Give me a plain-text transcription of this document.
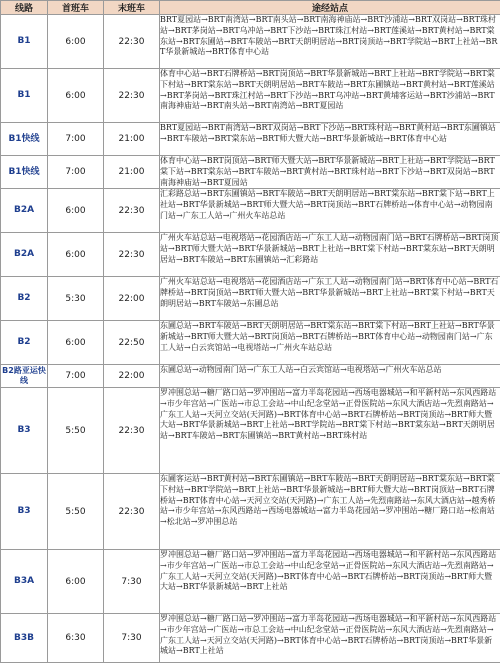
线路	首班车	末班车	途经站点
B1	6:00	22:30	BRT夏园站→BRT南湾站→BRT南头站→BRT南海神庙站→BRT沙浦站→BRT双岗站→BRT珠村站→BRT茅岗站→BRT乌冲站→BRT下沙站→BRT珠江村站→BRT莲溪站→BRT黄村站→BRT棠东站→BRT东圃站→BRT车陂站→BRT天朗明居站→BRT岗顶站→BRT学院站→BRT上社站→BRT华景新城站→BRT体育中心站

B1	6:00	22:30	体育中心站→BRT石牌桥站→BRT岗顶站→BRT华景新城站→BRT上社站→BRT学院站→BRT棠下村站→BRT棠东站→BRT天朗明居站→BRT车陂站→BRT东圃镇站→BRT黄村站→BRT莲溪站→BRT茅岗站→BRT珠江村站→BRT下沙站→BRT乌冲站→BRT黄埔客运站→BRT沙浦站→BRT南海神庙站→BRT南头站→BRT南湾站→BRT夏园站

B1快线	7:00	21:00	BRT夏园站→BRT南湾站→BRT双岗站→BRT下沙站→BRT珠村站→BRT黄村站→BRT东圃镇站→BRT车陂站→BRT棠东站→BRT师大暨大站→BRT华景新城站→BRT体育中心站

B1快线	7:00	21:00	体育中心站→BRT岗顶站→BRT师大暨大站→BRT华景新城站→BRT上社站→BRT学院站→BRT棠下站→BRT棠东站→BRT车陂站→BRT黄村站→BRT珠村站→BRT下沙站→BRT双岗站→BRT南海神庙站→BRT夏园站

B2A	6:00	22:30	汇彩路总站→BRT东圃镇站→BRT车陂站→BRT天朗明居站→BRT棠东站→BRT棠下站→BRT上社站→BRT华景新城站→BRT师大暨大站→BRT岗顶站→BRT石牌桥站→体育中心站→动物园南门站→广东工人站→广州火车站总站

B2A	6:00	22:30	广州火车站总站→电视塔站→花园酒店站→广东工人站→动物园南门站→BRT石牌桥站→BRT岗顶站→BRT师大暨大站→BRT华景新城站→BRT上社站→BRT棠下村站→BRT棠东站→BRT天朗明居站→BRT车陂站→BRT东圃镇站→汇彩路站

B2	5:30	22:00	广州火车站总站→电视塔站→花园酒店站→广东工人站→动物园南门站→BRT体育中心站→BRT石牌桥站→BRT岗顶站→BRT师大暨大站→BRT华景新城站→BRT上社站→BRT棠下村站→BRT天朗明居站→BRT车陂站→东圃总站

B2	6:00	22:50	东圃总站→BRT车陂站→BRT天朗明居站→BRT棠东站→BRT棠下村站→BRT上社站→BRT华景新城站→BRT师大暨大站→BRT岗顶站→BRT石牌桥站→BRT体育中心站→动物园南门站→广东工人站→白云宾馆站→电视塔站→广州火车站总站

B2路亚运快线	7:00	22:00	东圃总站→动物园南门站→广东工人站→白云宾馆站→电视塔站→广州火车站总站

B3	5:50	22:30	罗冲围总站→糖厂路口站→罗冲围站→富力半岛花园站→西场电器城站→和平新村站→东风西路站→市少年宫站→广医站→市总工会站→中山纪念堂站→正骨医院站→东风大酒店站→先烈南路站→广东工人站→天河立交站(天河路)→BRT体育中心站→BRT石牌桥站→BRT岗顶站→BRT师大暨大站→BRT华景新城站→BRT上社站→BRT学院站→BRT棠下村站→BRT棠东站→BRT天朗明居站→BRT车陂站→BRT东圃镇站→BRT黄村站→BRT珠村站

B3	5:50	22:30	东圃客运站→BRT黄村站→BRT东圃镇站→BRT车陂站→BRT天朗明居站→BRT棠东站→BRT棠下村站→BRT学院站→BRT上社站→BRT华景新城站→BRT师大暨大站→BRT岗顶站→BRT石牌桥站→BRT体育中心站→天河立交站(天河路)→广东工人站→先烈南路站→东风大酒店站→越秀桥站→市少年宫站→东风西路站→西场电器城站→富力半岛花园站→罗冲围站→糖厂路口站→松南站→松北站→罗冲围总站

B3A	6:00	7:30	罗冲围总站→糖厂路口站→罗冲围站→富力半岛花园站→西场电器城站→和平新村站→东风西路站→市少年宫站→广医站→市总工会站→中山纪念堂站→正骨医院站→东风大酒店站→先烈南路站→广东工人站→天河立交站(天河路)→BRT体育中心站→BRT石牌桥站→BRT岗顶站→BRT师大暨大站→BRT华景新城站→BRT上社站

B3B	6:30	7:30	罗冲围总站→糖厂路口站→罗冲围站→富力半岛花园站→西场电器城站→和平新村站→东风西路站→市少年宫站→广医站→市总工会站→中山纪念堂站→正骨医院站→东风大酒店站→先烈南路站→广东工人站→天河立交站(天河路)→BRT体育中心站→BRT石牌桥站→BRT岗顶站→BRT华景新城站→BRT上社站
